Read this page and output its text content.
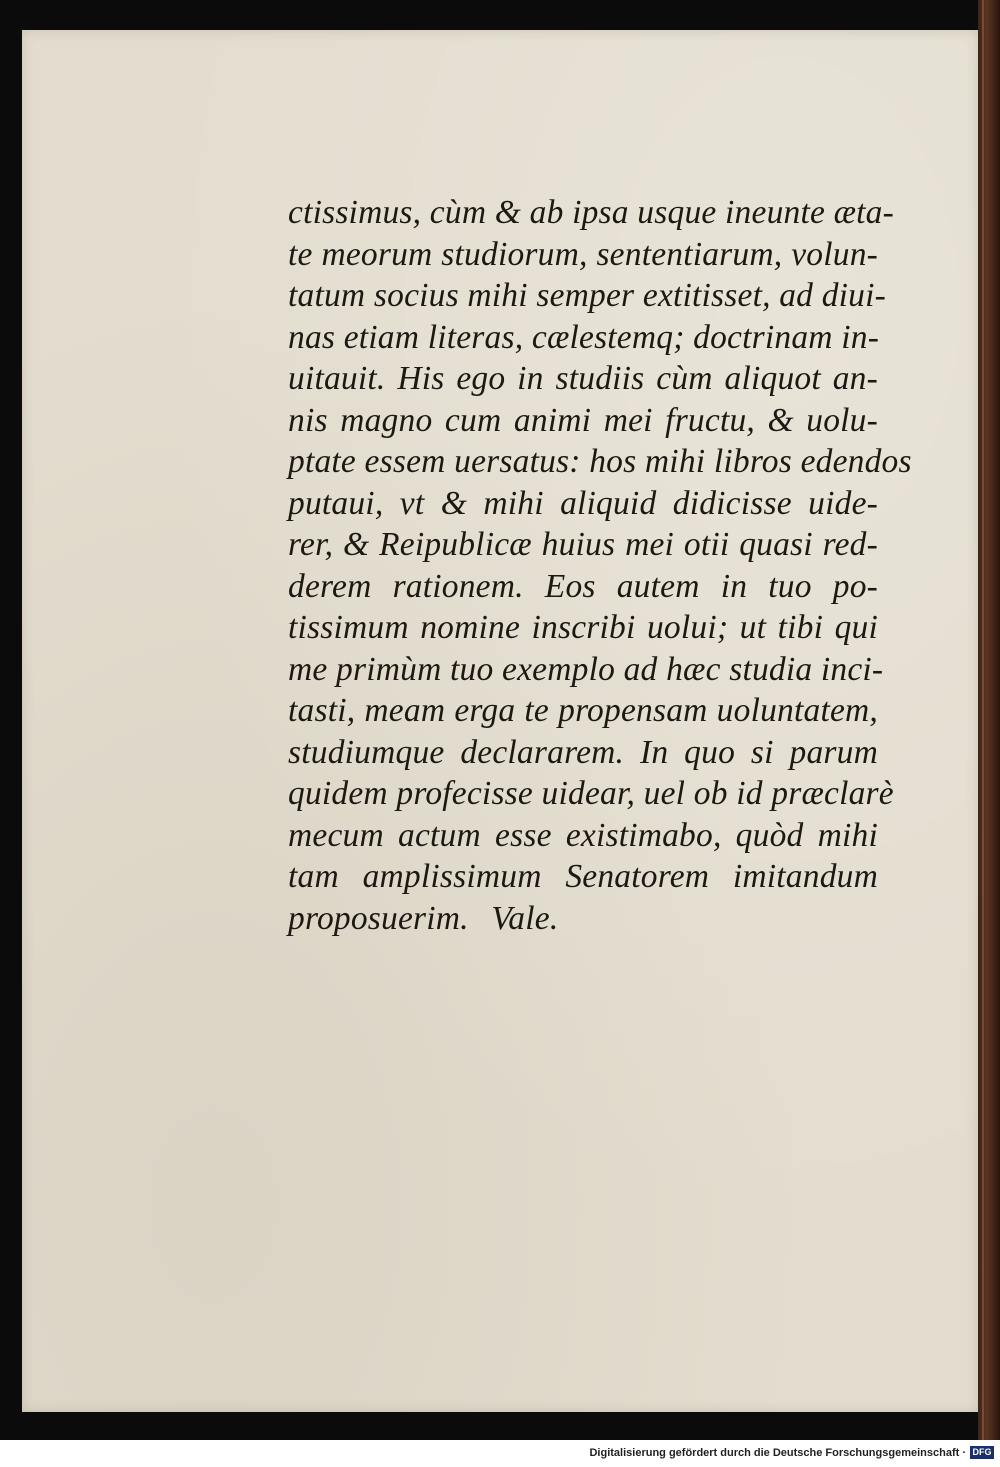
ctissimus, cùm & ab ipsa usque ineunte æta-
te meorum studiorum, sententiarum, volun-
tatum socius mihi semper extitisset, ad diui-
nas etiam literas, cælestemq; doctrinam in-
uitauit. His ego in studiis cùm aliquot an-
nis magno cum animi mei fructu, & uolu-
ptate essem uersatus: hos mihi libros edendos
putaui, vt & mihi aliquid didicisse uide-
rer, & Reipublicæ huius mei otii quasi red-
derem rationem. Eos autem in tuo po-
tissimum nomine inscribi uolui; ut tibi qui
me primùm tuo exemplo ad hæc studia inci-
tasti, meam erga te propensam uoluntatem,
studiumque declararem. In quo si parum
quidem profecisse uidear, uel ob id præclarè
mecum actum esse existimabo, quòd mihi
tam amplissimum Senatorem imitandum
proposuerim. Vale.
Digitalisierung gefördert durch die Deutsche Forschungsgemeinschaft · DFG
